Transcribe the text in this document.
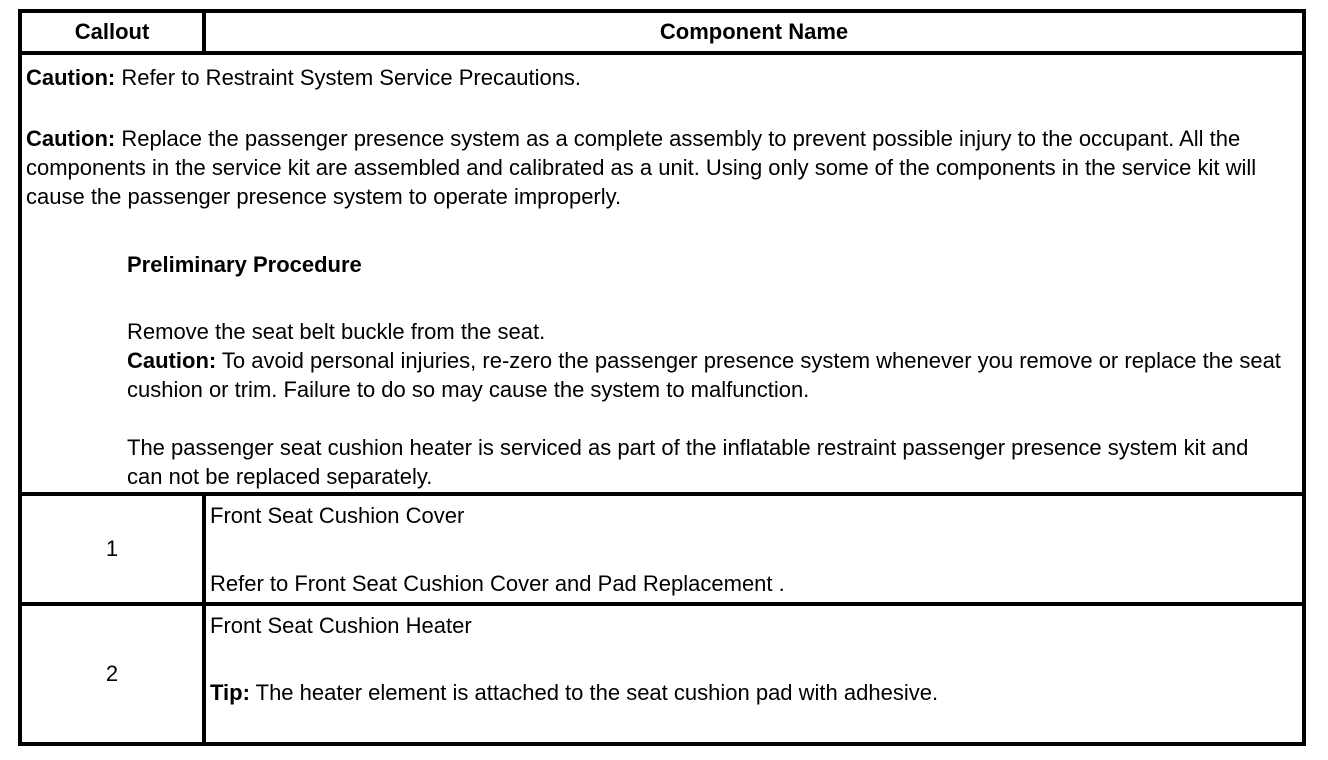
Callout	Component Name

Caution: Refer to Restraint System Service Precautions.

Caution: Replace the passenger presence system as a complete assembly to prevent possible injury to the occupant. All the components in the service kit are assembled and calibrated as a unit. Using only some of the components in the service kit will cause the passenger presence system to operate improperly.

Preliminary Procedure

Remove the seat belt buckle from the seat.

Caution: To avoid personal injuries, re-zero the passenger presence system whenever you remove or replace the seat cushion or trim. Failure to do so may cause the system to malfunction.

The passenger seat cushion heater is serviced as part of the inflatable restraint passenger presence system kit and can not be replaced separately.

1

Front Seat Cushion Cover

Refer to Front Seat Cushion Cover and Pad Replacement .

2

Front Seat Cushion Heater

Tip: The heater element is attached to the seat cushion pad with adhesive.
